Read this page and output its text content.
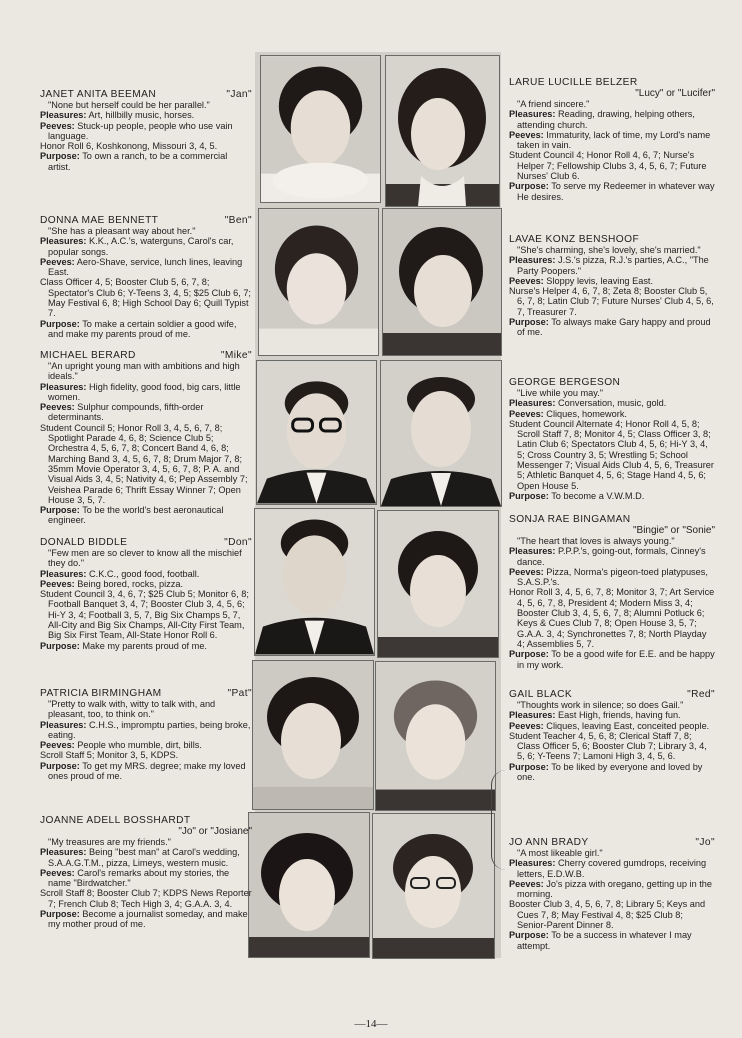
JANET ANITA BEEMAN	"Jan"
"None but herself could be her parallel."
Pleasures: Art, hillbilly music, horses.
Peeves: Stuck-up people, people who use vain language.
Honor Roll 6, Koshkonong, Missouri 3, 4, 5.
Purpose: To own a ranch, to be a commercial artist.
DONNA MAE BENNETT	"Ben"
"She has a pleasant way about her."
Pleasures: K.K., A.C.'s, waterguns, Carol's car, popular songs.
Peeves: Aero-Shave, service, lunch lines, leaving East.
Class Officer 4, 5; Booster Club 5, 6, 7, 8; Spectator's Club 6; Y-Teens 3, 4, 5; $25 Club 6, 7; May Festival 6, 8; High School Day 6; Quill Typist 7.
Purpose: To make a certain soldier a good wife, and make my parents proud of me.
MICHAEL BERARD	"Mike"
"An upright young man with ambitions and high ideals."
Pleasures: High fidelity, good food, big cars, little women.
Peeves: Sulphur compounds, fifth-order determinants.
Student Council 5; Honor Roll 3, 4, 5, 6, 7, 8; Spotlight Parade 4, 6, 8; Science Club 5; Orchestra 4, 5, 6, 7, 8; Concert Band 4, 6, 8; Marching Band 3, 4, 5, 6, 7, 8; Drum Major 7, 8; 35mm Movie Operator 3, 4, 5, 6, 7, 8; P. A. and Visual Aids 3, 4, 5; Nativity 4, 6; Pep Assembly 7; Veishea Parade 6; Thrift Essay Winner 7; Open House 3, 5, 7.
Purpose: To be the world's best aeronautical engineer.
DONALD BIDDLE	"Don"
"Few men are so clever to know all the mischief they do."
Pleasures: C.K.C., good food, football.
Peeves: Being bored, rocks, pizza.
Student Council 3, 4, 6, 7; $25 Club 5; Monitor 6, 8; Football Banquet 3, 4, 7; Booster Club 3, 4, 5, 6; Hi-Y 3, 4; Football 3, 5, 7, Big Six Champs 5, 7, All-City and Big Six Champs, All-City First Team, Big Six First Team, All-State Honor Roll 6.
Purpose: Make my parents proud of me.
PATRICIA BIRMINGHAM	"Pat"
"Pretty to walk with, witty to talk with, and pleasant, too, to think on."
Pleasures: C.H.S., impromptu parties, being broke, eating.
Peeves: People who mumble, dirt, bills.
Scroll Staff 5; Monitor 3, 5, KDPS.
Purpose: To get my MRS. degree; make my loved ones proud of me.
JOANNE ADELL BOSSHARDT
"Jo" or "Josiane"
"My treasures are my friends."
Pleasures: Being "best man" at Carol's wedding, S.A.A.G.T.M., pizza, Limeys, western music.
Peeves: Carol's remarks about my stories, the name "Birdwatcher."
Scroll Staff 8; Booster Club 7; KDPS News Reporter 7; French Club 8; Tech High 3, 4; G.A.A. 3, 4.
Purpose: Become a journalist someday, and make my mother proud of me.
LARUE LUCILLE BELZER
"Lucy" or "Lucifer"
"A friend sincere."
Pleasures: Reading, drawing, helping others, attending church.
Peeves: Immaturity, lack of time, my Lord's name taken in vain.
Student Council 4; Honor Roll 4, 6, 7; Nurse's Helper 7; Fellowship Clubs 3, 4, 5, 6, 7; Future Nurses' Club 6.
Purpose: To serve my Redeemer in whatever way He desires.
LAVAE KONZ BENSHOOF
"She's charming, she's lovely, she's married."
Pleasures: J.S.'s pizza, R.J.'s parties, A.C., "The Party Poopers."
Peeves: Sloppy levis, leaving East.
Nurse's Helper 4, 6, 7, 8; Zeta 8; Booster Club 5, 6, 7, 8; Latin Club 7; Future Nurses' Club 4, 5, 6, 7, Treasurer 7.
Purpose: To always make Gary happy and proud of me.
GEORGE BERGESON
"Live while you may."
Pleasures: Conversation, music, gold.
Peeves: Cliques, homework.
Student Council Alternate 4; Honor Roll 4, 5, 8; Scroll Staff 7, 8; Monitor 4, 5; Class Officer 3, 8; Latin Club 6; Spectators Club 4, 5, 6; Hi-Y 3, 4, 5; Cross Country 3, 5; Wrestling 5; School Messenger 7; Visual Aids Club 4, 5, 6, Treasurer 5; Athletic Banquet 4, 5, 6; Stage Hand 4, 5, 6; Open House 5.
Purpose: To become a V.W.M.D.
SONJA RAE BINGAMAN
"Bingie" or "Sonie"
"The heart that loves is always young."
Pleasures: P.P.P.'s, going-out, formals, Cinney's dance.
Peeves: Pizza, Norma's pigeon-toed platypuses, S.A.S.P.'s.
Honor Roll 3, 4, 5, 6, 7, 8; Monitor 3, 7; Art Service 4, 5, 6, 7, 8, President 4; Modern Miss 3, 4; Booster Club 3, 4, 5, 6, 7, 8; Alumni Potluck 6; Keys & Cues Club 7, 8; Open House 3, 5, 7; G.A.A. 3, 4; Synchronettes 7, 8; North Playday 4; Assemblies 5, 7.
Purpose: To be a good wife for E.E. and be happy in my work.
GAIL BLACK	"Red"
"Thoughts work in silence; so does Gail."
Pleasures: East High, friends, having fun.
Peeves: Cliques, leaving East, conceited people.
Student Teacher 4, 5, 6, 8; Clerical Staff 7, 8; Class Officer 5, 6; Booster Club 7; Library 3, 4, 5, 6; Y-Teens 7; Lamoni High 3, 4, 5, 6.
Purpose: To be liked by everyone and loved by one.
JO ANN BRADY	"Jo"
"A most likeable girl."
Pleasures: Cherry covered gumdrops, receiving letters, E.D.W.B.
Peeves: Jo's pizza with oregano, getting up in the morning.
Booster Club 3, 4, 5, 6, 7, 8; Library 5; Keys and Cues 7, 8; May Festival 4, 8; $25 Club 8; Senior-Parent Dinner 8.
Purpose: To be a success in whatever I may attempt.
—14—
